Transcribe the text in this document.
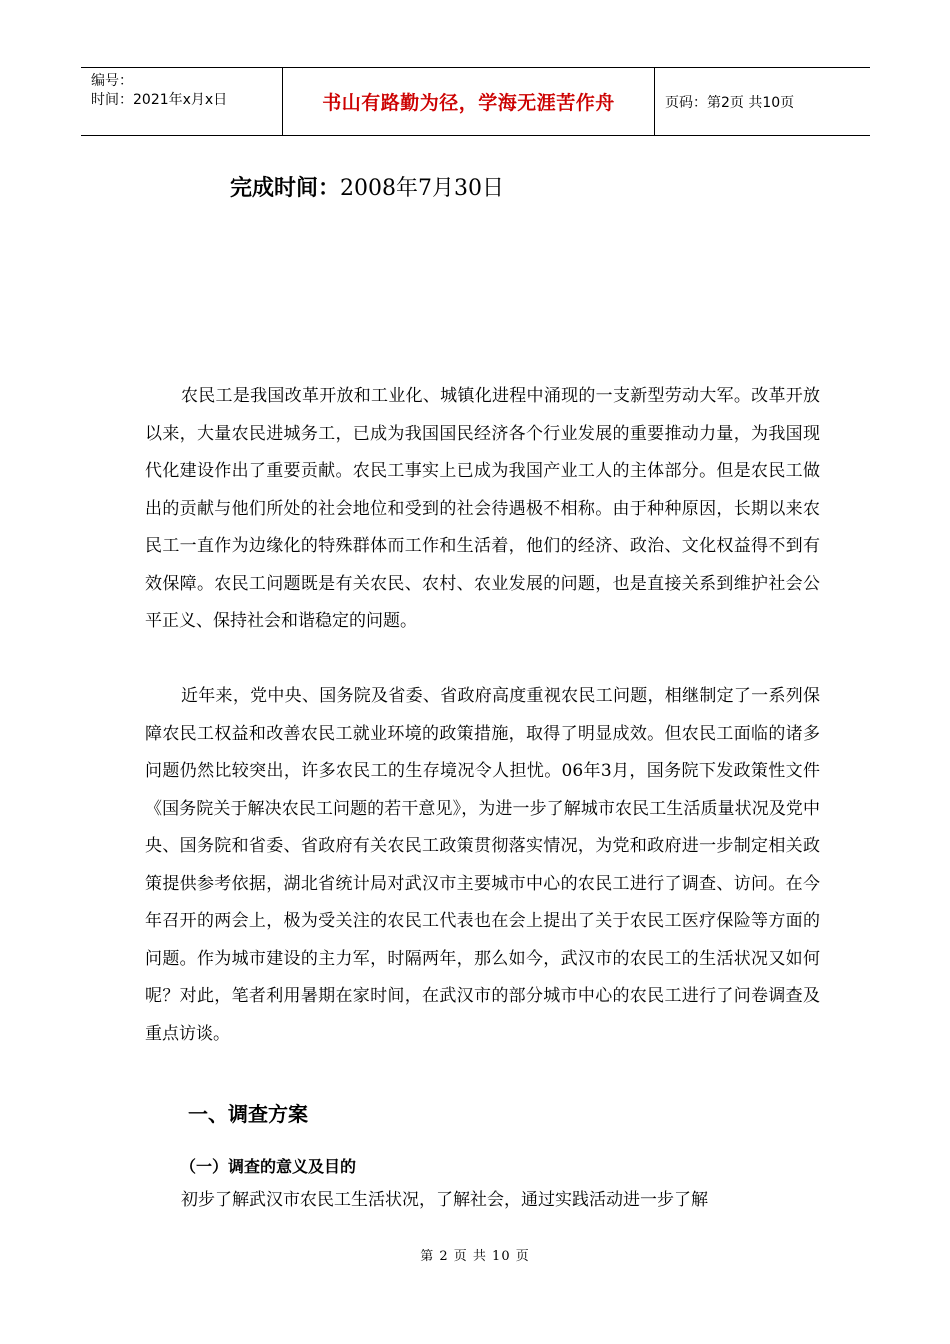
编号：
时间：2021年x月x日	书山有路勤为径，学海无涯苦作舟	页码：第2页 共10页
完成时间：2008年7月30日

农民工是我国改革开放和工业化、城镇化进程中涌现的一支新型劳动大军。改革开放以来，大量农民进城务工，已成为我国国民经济各个行业发展的重要推动力量，为我国现代化建设作出了重要贡献。农民工事实上已成为我国产业工人的主体部分。但是农民工做出的贡献与他们所处的社会地位和受到的社会待遇极不相称。由于种种原因，长期以来农民工一直作为边缘化的特殊群体而工作和生活着，他们的经济、政治、文化权益得不到有效保障。农民工问题既是有关农民、农村、农业发展的问题，也是直接关系到维护社会公平正义、保持社会和谐稳定的问题。

近年来，党中央、国务院及省委、省政府高度重视农民工问题，相继制定了一系列保障农民工权益和改善农民工就业环境的政策措施，取得了明显成效。但农民工面临的诸多问题仍然比较突出，许多农民工的生存境况令人担忧。06年3月，国务院下发政策性文件《国务院关于解决农民工问题的若干意见》，为进一步了解城市农民工生活质量状况及党中央、国务院和省委、省政府有关农民工政策贯彻落实情况，为党和政府进一步制定相关政策提供参考依据，湖北省统计局对武汉市主要城市中心的农民工进行了调查、访问。在今年召开的两会上，极为受关注的农民工代表也在会上提出了关于农民工医疗保险等方面的问题。作为城市建设的主力军，时隔两年，那么如今，武汉市的农民工的生活状况又如何呢？对此，笔者利用暑期在家时间，在武汉市的部分城市中心的农民工进行了问卷调查及重点访谈。

一、调查方案
（一）调查的意义及目的
初步了解武汉市农民工生活状况，了解社会，通过实践活动进一步了解
第 2 页 共 10 页
